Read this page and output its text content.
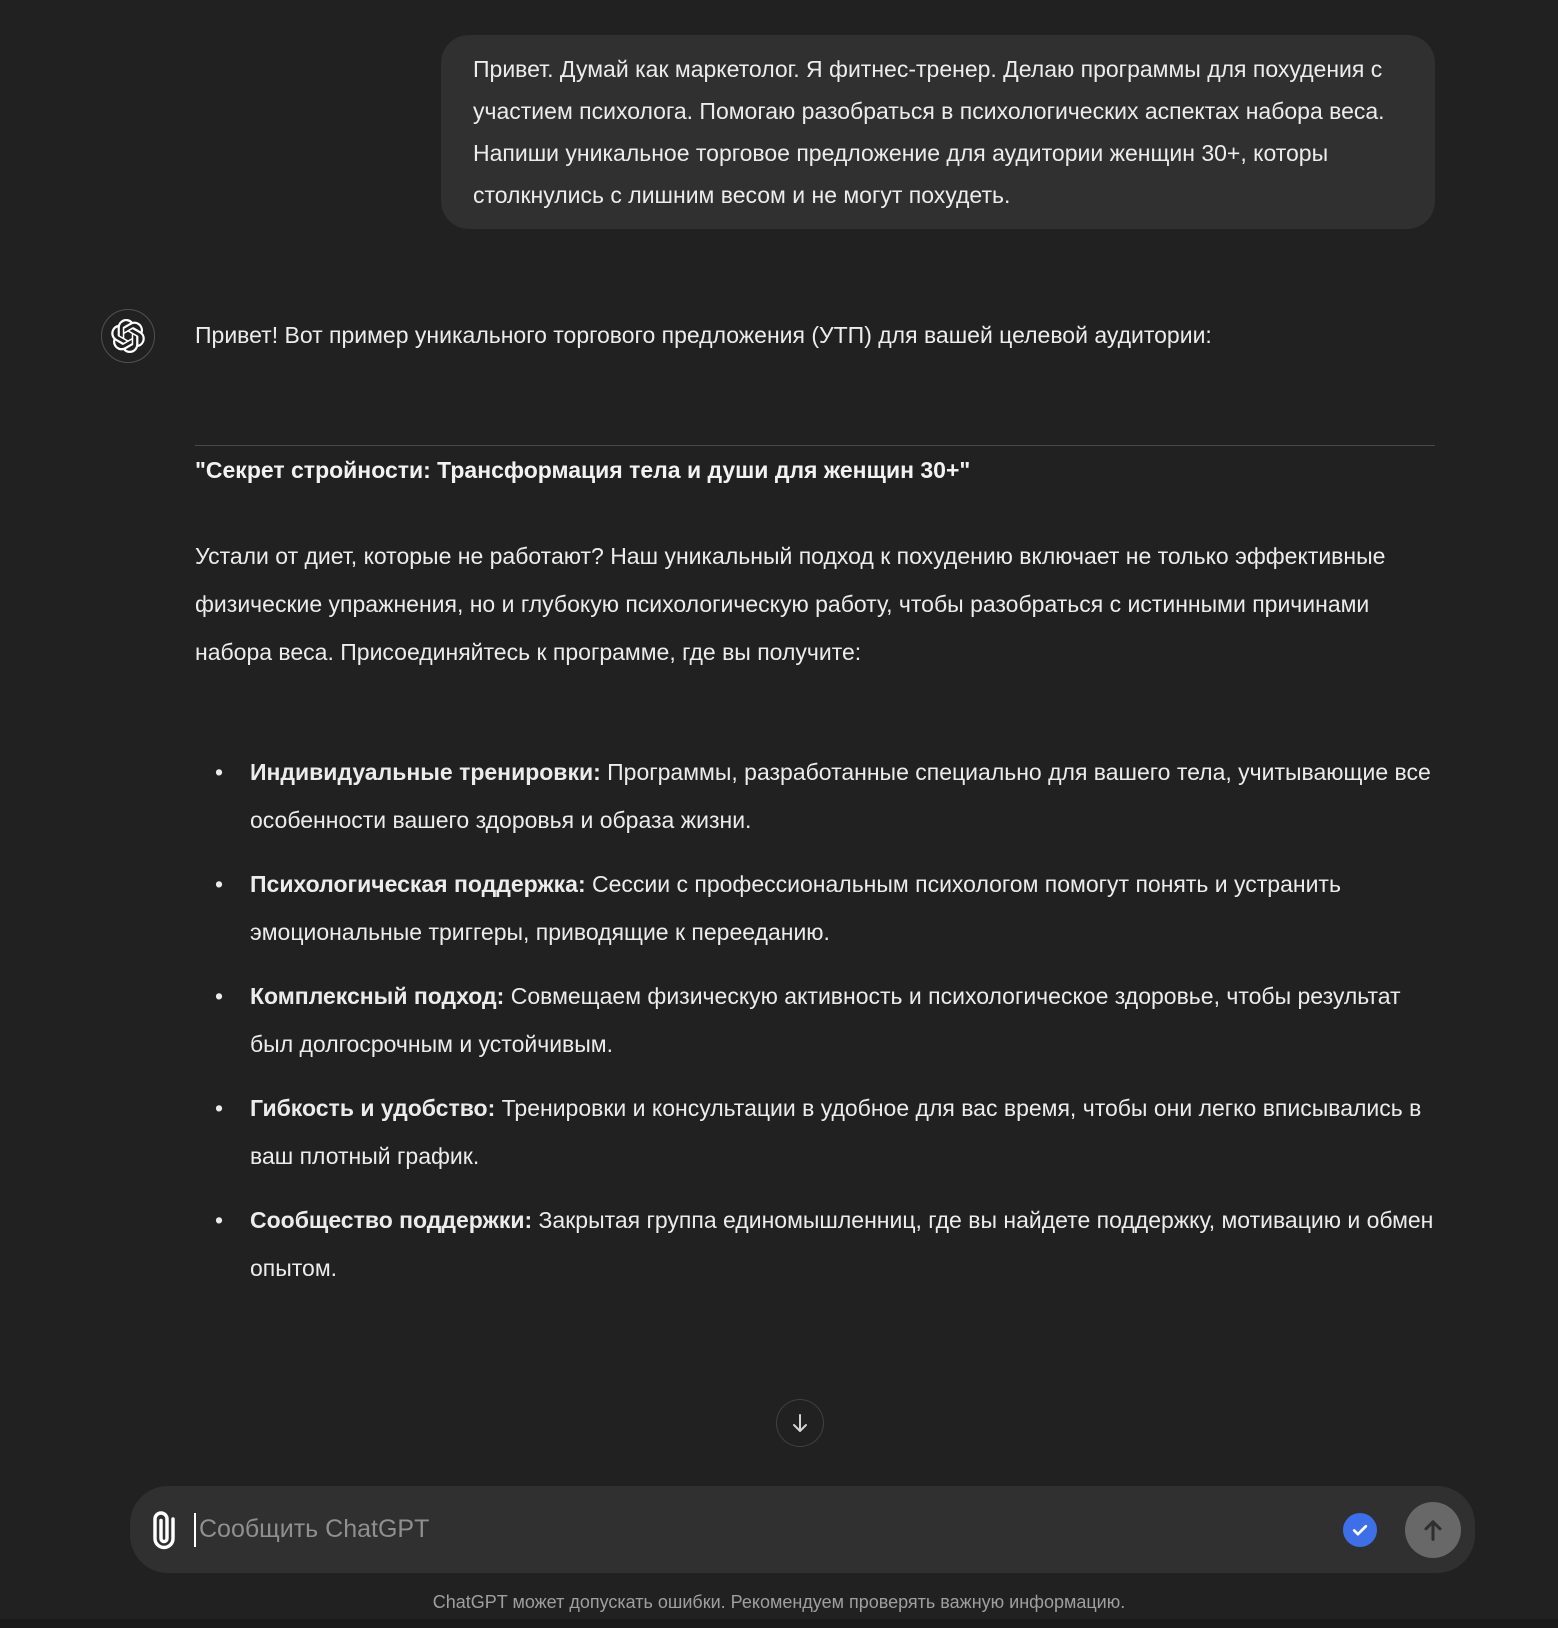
Привет. Думай как маркетолог. Я фитнес-тренер. Делаю программы для похудения с участием психолога. Помогаю разобраться в психологических аспектах набора веса. Напиши уникальное торговое предложение для аудитории женщин 30+, которы столкнулись с лишним весом и не могут похудеть.

Привет! Вот пример уникального торгового предложения (УТП) для вашей целевой аудитории:

"Секрет стройности: Трансформация тела и души для женщин 30+"

Устали от диет, которые не работают? Наш уникальный подход к похудению включает не только эффективные физические упражнения, но и глубокую психологическую работу, чтобы разобраться с истинными причинами набора веса. Присоединяйтесь к программе, где вы получите:

• Индивидуальные тренировки: Программы, разработанные специально для вашего тела, учитывающие все особенности вашего здоровья и образа жизни.
• Психологическая поддержка: Сессии с профессиональным психологом помогут понять и устранить эмоциональные триггеры, приводящие к перееданию.
• Комплексный подход: Совмещаем физическую активность и психологическое здоровье, чтобы результат был долгосрочным и устойчивым.
• Гибкость и удобство: Тренировки и консультации в удобное для вас время, чтобы они легко вписывались в ваш плотный график.
• Сообщество поддержки: Закрытая группа единомышленниц, где вы найдете поддержку, мотивацию и обмен опытом.
Сообщить ChatGPT
ChatGPT может допускать ошибки. Рекомендуем проверять важную информацию.
